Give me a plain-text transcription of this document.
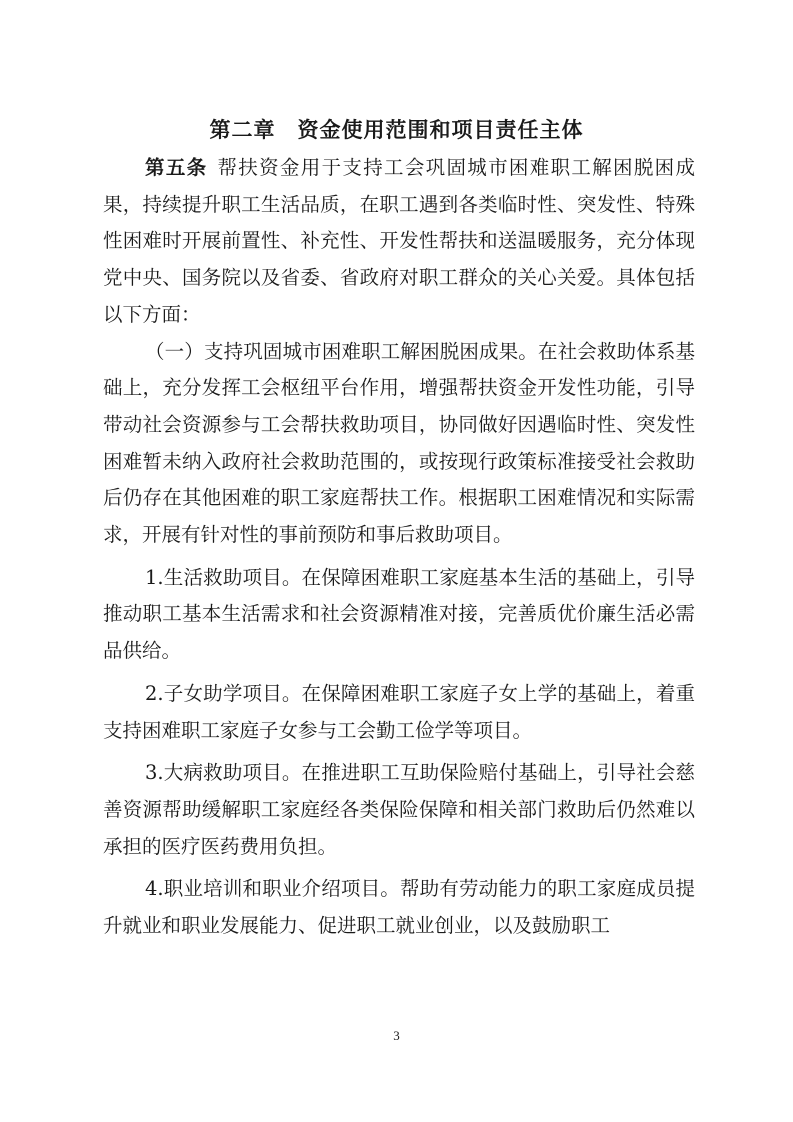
第二章　资金使用范围和项目责任主体

第五条 帮扶资金用于支持工会巩固城市困难职工解困脱困成果，持续提升职工生活品质，在职工遇到各类临时性、突发性、特殊性困难时开展前置性、补充性、开发性帮扶和送温暖服务，充分体现党中央、国务院以及省委、省政府对职工群众的关心关爱。具体包括以下方面：

（一）支持巩固城市困难职工解困脱困成果。在社会救助体系基础上，充分发挥工会枢纽平台作用，增强帮扶资金开发性功能，引导带动社会资源参与工会帮扶救助项目，协同做好因遇临时性、突发性困难暂未纳入政府社会救助范围的，或按现行政策标准接受社会救助后仍存在其他困难的职工家庭帮扶工作。根据职工困难情况和实际需求，开展有针对性的事前预防和事后救助项目。

1.生活救助项目。在保障困难职工家庭基本生活的基础上，引导推动职工基本生活需求和社会资源精准对接，完善质优价廉生活必需品供给。

2.子女助学项目。在保障困难职工家庭子女上学的基础上，着重支持困难职工家庭子女参与工会勤工俭学等项目。

3.大病救助项目。在推进职工互助保险赔付基础上，引导社会慈善资源帮助缓解职工家庭经各类保险保障和相关部门救助后仍然难以承担的医疗医药费用负担。

4.职业培训和职业介绍项目。帮助有劳动能力的职工家庭成员提升就业和职业发展能力、促进职工就业创业，以及鼓励职工

3
